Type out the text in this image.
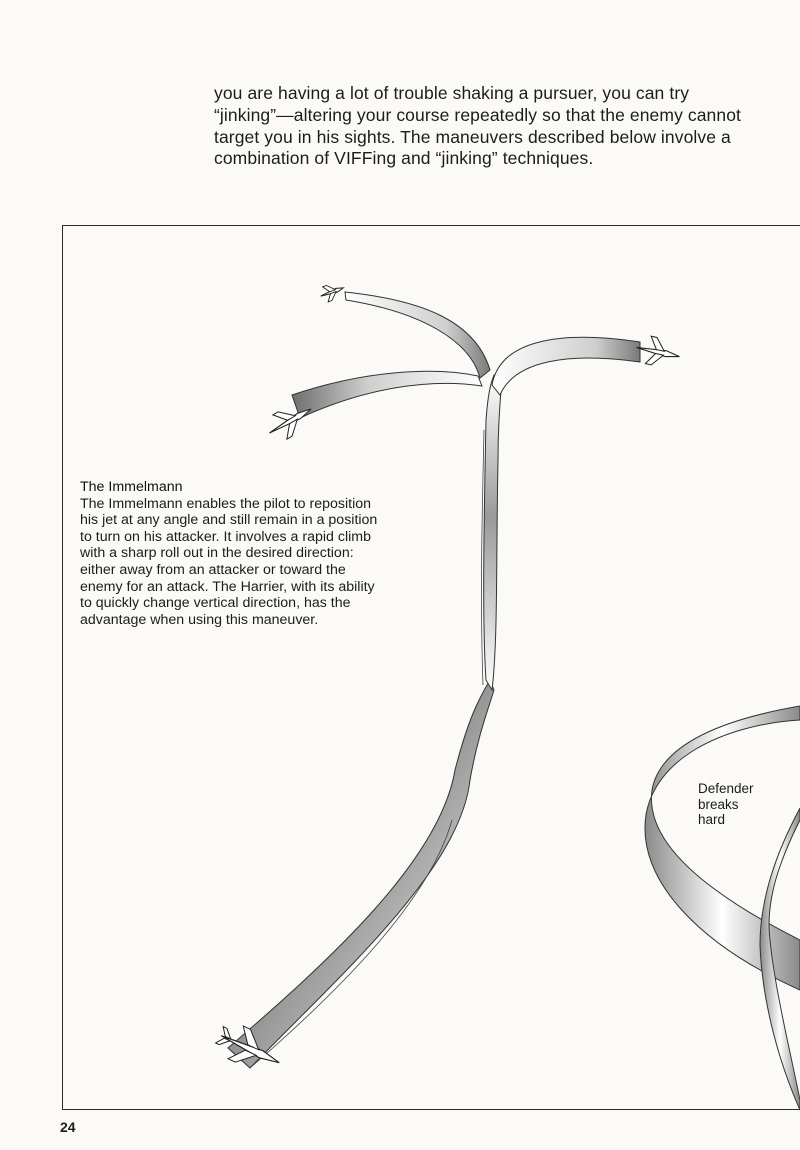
you are having a lot of trouble shaking a pursuer, you can try “jinking”—altering your course repeatedly so that the enemy cannot target you in his sights. The maneuvers described below involve a combination of VIFFing and “jinking” techniques.

The Immelmann
The Immelmann enables the pilot to reposition his jet at any angle and still remain in a position to turn on his attacker. It involves a rapid climb with a sharp roll out in the desired direction: either away from an attacker or toward the enemy for an attack. The Harrier, with its ability to quickly change vertical direction, has the advantage when using this maneuver.
Defender
breaks
hard
24
